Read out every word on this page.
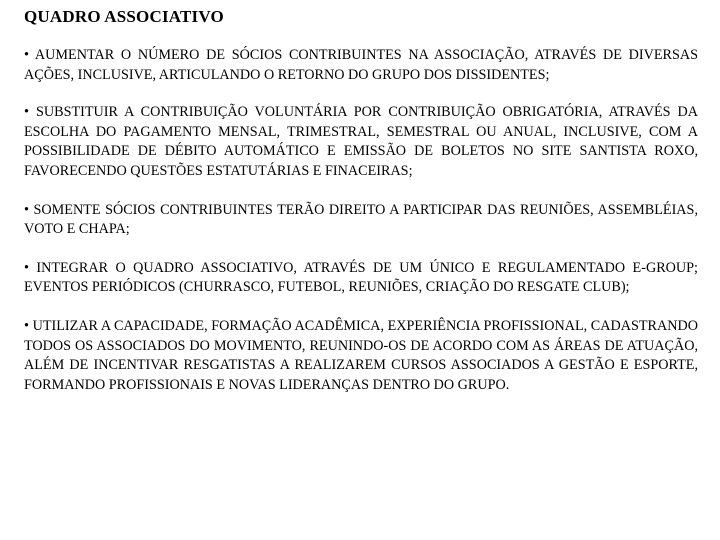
QUADRO ASSOCIATIVO

• AUMENTAR O NÚMERO DE SÓCIOS CONTRIBUINTES NA ASSOCIAÇÃO, ATRAVÉS DE DIVERSAS AÇÕES, INCLUSIVE, ARTICULANDO O RETORNO DO GRUPO DOS DISSIDENTES;

• SUBSTITUIR A CONTRIBUIÇÃO VOLUNTÁRIA POR CONTRIBUIÇÃO OBRIGATÓRIA, ATRAVÉS DA ESCOLHA DO PAGAMENTO MENSAL, TRIMESTRAL, SEMESTRAL OU ANUAL, INCLUSIVE, COM A POSSIBILIDADE DE DÉBITO AUTOMÁTICO E EMISSÃO DE BOLETOS NO SITE SANTISTA ROXO, FAVORECENDO QUESTÕES ESTATUTÁRIAS E FINACEIRAS;

• SOMENTE SÓCIOS CONTRIBUINTES TERÃO DIREITO A PARTICIPAR DAS REUNIÕES, ASSEMBLÉIAS, VOTO E CHAPA;

• INTEGRAR O QUADRO ASSOCIATIVO, ATRAVÉS DE UM ÚNICO E REGULAMENTADO E-GROUP; EVENTOS PERIÓDICOS (CHURRASCO, FUTEBOL, REUNIÕES, CRIAÇÃO DO RESGATE CLUB);

• UTILIZAR A CAPACIDADE, FORMAÇÃO ACADÊMICA, EXPERIÊNCIA PROFISSIONAL, CADASTRANDO TODOS OS ASSOCIADOS DO MOVIMENTO, REUNINDO-OS DE ACORDO COM AS ÁREAS DE ATUAÇÃO, ALÉM DE INCENTIVAR RESGATISTAS A REALIZAREM CURSOS ASSOCIADOS A GESTÃO E ESPORTE, FORMANDO PROFISSIONAIS E NOVAS LIDERANÇAS DENTRO DO GRUPO.
